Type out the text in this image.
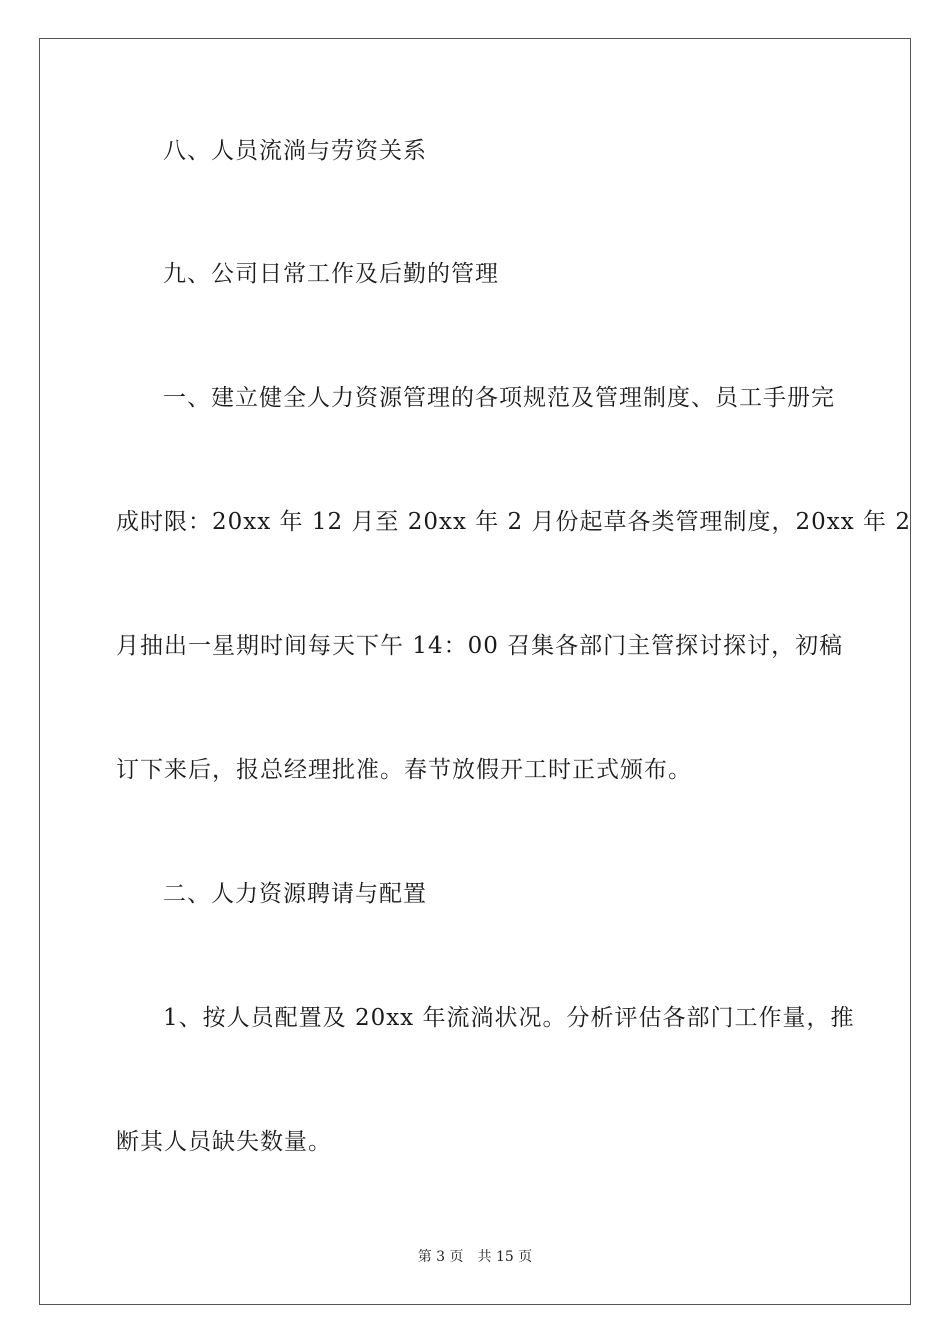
八、人员流淌与劳资关系
九、公司日常工作及后勤的管理
一、建立健全人力资源管理的各项规范及管理制度、员工手册完
成时限：20xx 年 12 月至 20xx 年 2 月份起草各类管理制度，20xx 年 2
月抽出一星期时间每天下午 14：00 召集各部门主管探讨探讨，初稿
订下来后，报总经理批准。春节放假开工时正式颁布。
二、人力资源聘请与配置
1、按人员配置及 20xx 年流淌状况。分析评估各部门工作量，推
断其人员缺失数量。
第 3 页 共 15 页
